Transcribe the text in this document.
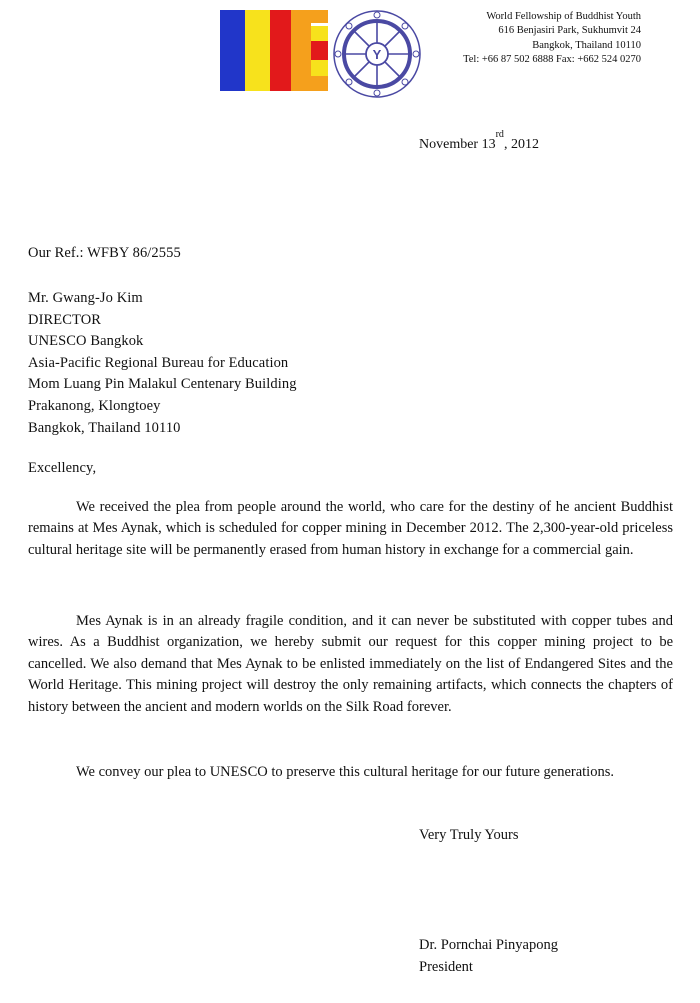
Y
World Fellowship of Buddhist Youth
616 Benjasiri Park, Sukhumvit 24
Bangkok, Thailand 10110
Tel: +66 87 502 6888 Fax: +662 524 0270
November 13rd, 2012
Our Ref.: WFBY 86/2555
Mr. Gwang-Jo Kim
DIRECTOR
UNESCO Bangkok
Asia-Pacific Regional Bureau for Education
Mom Luang Pin Malakul Centenary Building
Prakanong, Klongtoey
Bangkok, Thailand 10110
Excellency,
We received the plea from people around the world, who care for the destiny of he ancient Buddhist remains at Mes Aynak, which is scheduled for copper mining in December 2012. The 2,300-year-old priceless cultural heritage site will be permanently erased from human history in exchange for a commercial gain.
Mes Aynak is in an already fragile condition, and it can never be substituted with copper tubes and wires. As a Buddhist organization, we hereby submit our request for this copper mining project to be cancelled. We also demand that Mes Aynak to be enlisted immediately on the list of Endangered Sites and the World Heritage. This mining project will destroy the only remaining artifacts, which connects the chapters of history between the ancient and modern worlds on the Silk Road forever.
We convey our plea to UNESCO to preserve this cultural heritage for our future generations.
Very Truly Yours
Dr. Pornchai Pinyapong
President
